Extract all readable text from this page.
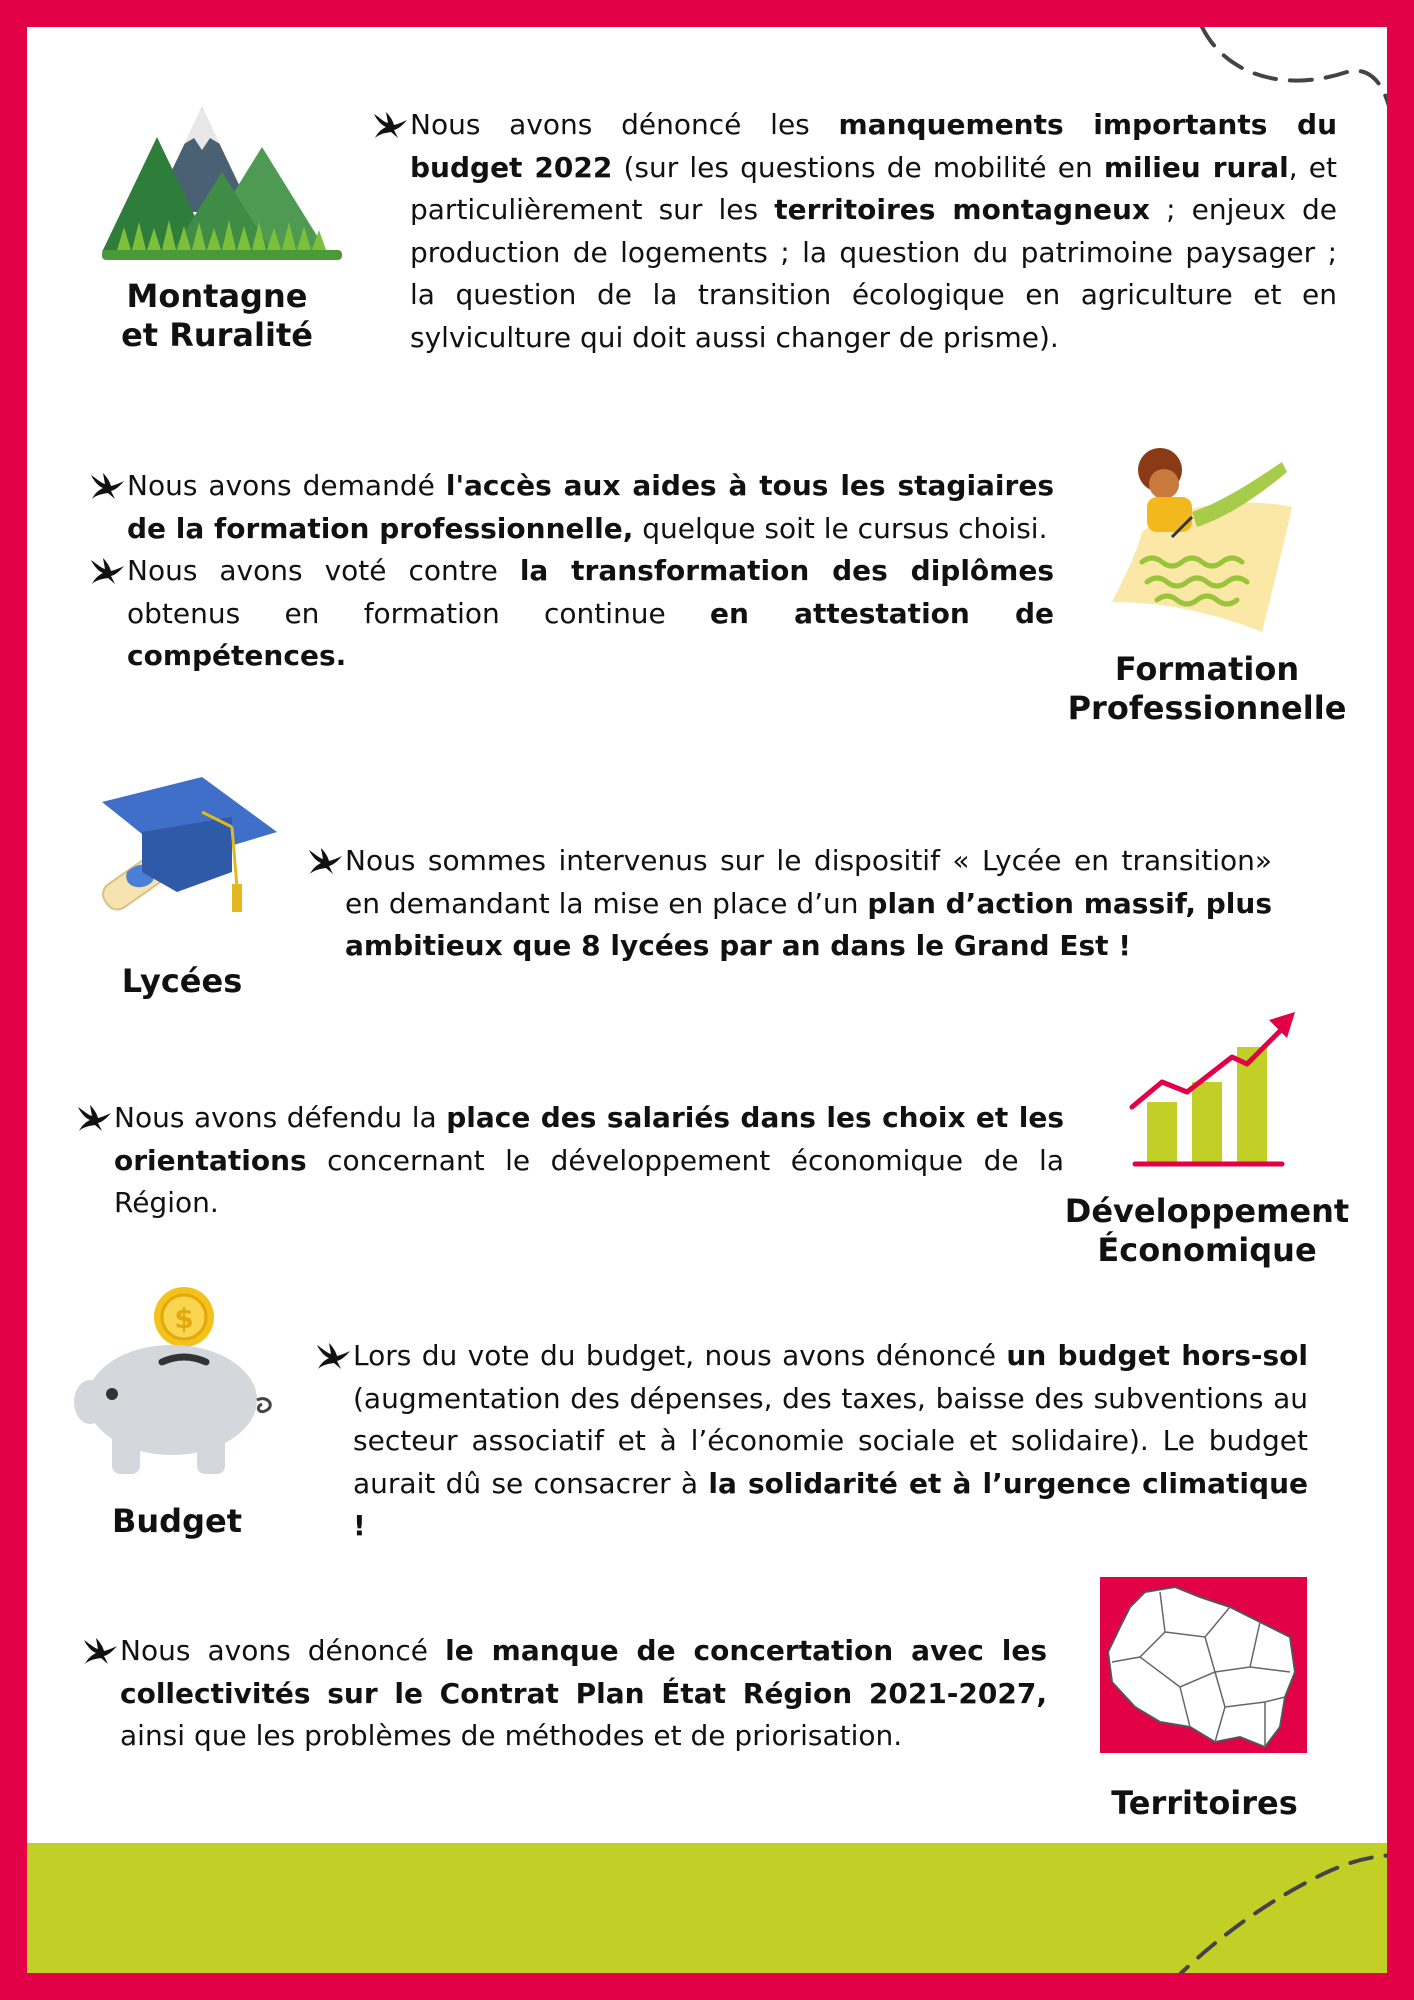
Montagne
et Ruralité
Nous avons dénoncé les manquements importants du budget 2022 (sur les questions de mobilité en milieu rural, et particulièrement sur les territoires montagneux ; enjeux de production de logements ; la question du patrimoine paysager ; la question de la transition écologique en agriculture et en sylviculture qui doit aussi changer de prisme).
Nous avons demandé l'accès aux aides à tous les stagiaires de la formation professionnelle, quelque soit le cursus choisi.
Nous avons voté contre la transformation des diplômes obtenus en formation continue en attestation de compétences.	Formation
Professionnelle
Lycées
Nous sommes intervenus sur le dispositif « Lycée en transition» en demandant la mise en place d’un plan d’action massif, plus ambitieux que 8 lycées par an dans le Grand Est !
Nous avons défendu la place des salariés dans les choix et les orientations concernant le développement économique de la Région.	Développement
Économique
$
Budget
Lors du vote du budget, nous avons dénoncé un budget hors-sol (augmentation des dépenses, des taxes, baisse des subventions au secteur associatif et à l’économie sociale et solidaire). Le budget aurait dû se consacrer à la solidarité et à l’urgence climatique !
Nous avons dénoncé le manque de concertation avec les collectivités sur le Contrat Plan État Région 2021-2027, ainsi que les problèmes de méthodes et de priorisation.
Territoires
